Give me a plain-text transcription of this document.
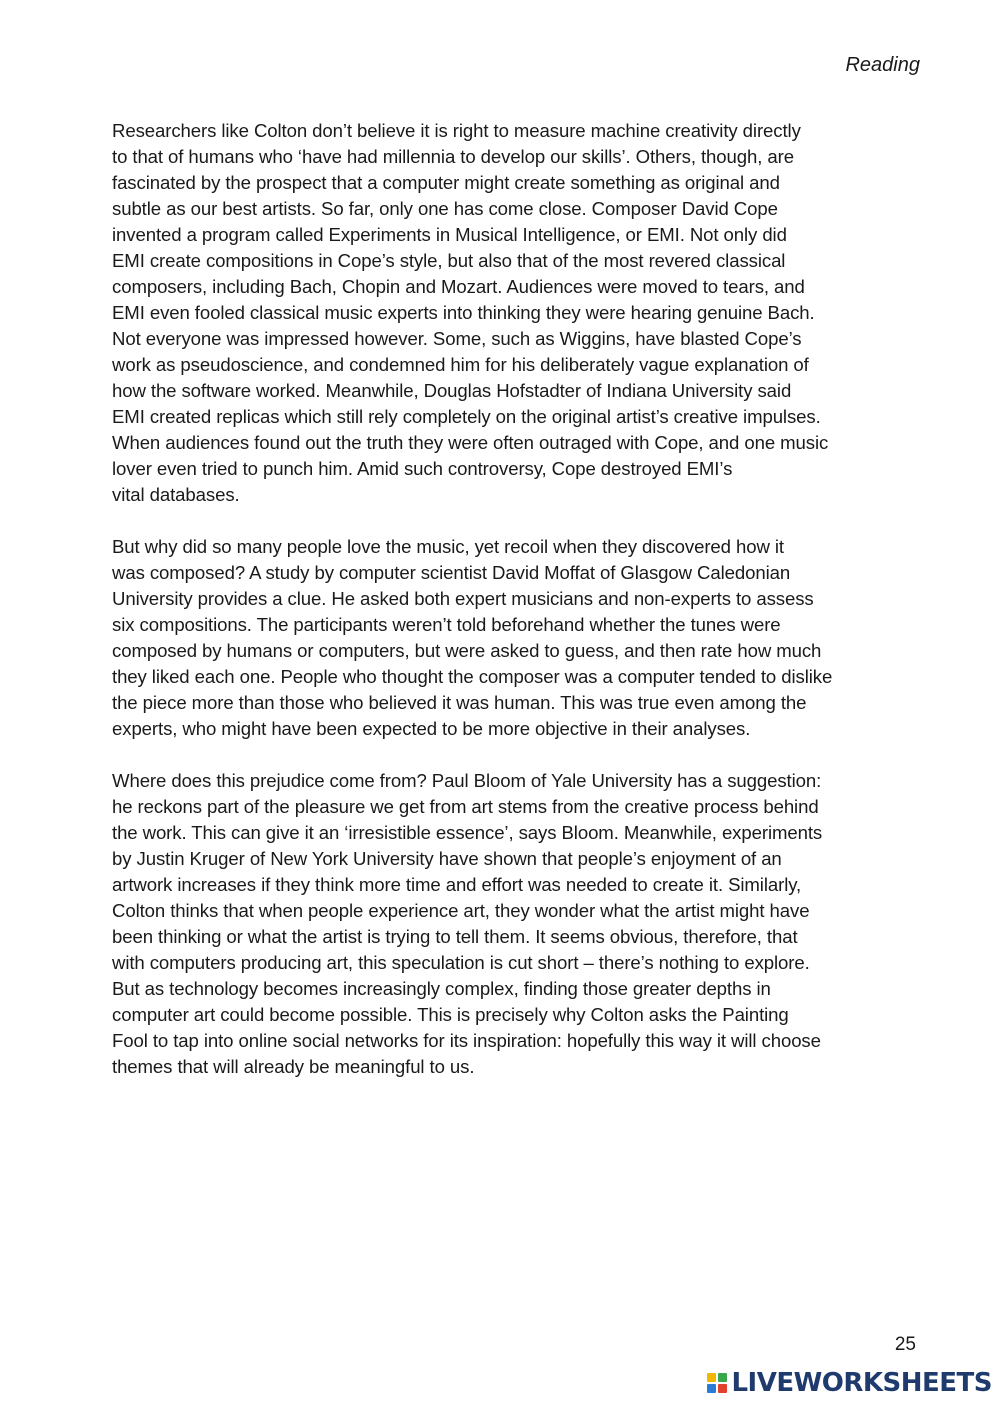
Reading

Researchers like Colton don’t believe it is right to measure machine creativity directly
to that of humans who ‘have had millennia to develop our skills’. Others, though, are
fascinated by the prospect that a computer might create something as original and
subtle as our best artists. So far, only one has come close. Composer David Cope
invented a program called Experiments in Musical Intelligence, or EMI. Not only did
EMI create compositions in Cope’s style, but also that of the most revered classical
composers, including Bach, Chopin and Mozart. Audiences were moved to tears, and
EMI even fooled classical music experts into thinking they were hearing genuine Bach.
Not everyone was impressed however. Some, such as Wiggins, have blasted Cope’s
work as pseudoscience, and condemned him for his deliberately vague explanation of
how the software worked. Meanwhile, Douglas Hofstadter of Indiana University said
EMI created replicas which still rely completely on the original artist’s creative impulses.
When audiences found out the truth they were often outraged with Cope, and one music
lover even tried to punch him. Amid such controversy, Cope destroyed EMI’s
vital databases.

But why did so many people love the music, yet recoil when they discovered how it
was composed? A study by computer scientist David Moffat of Glasgow Caledonian
University provides a clue. He asked both expert musicians and non-experts to assess
six compositions. The participants weren’t told beforehand whether the tunes were
composed by humans or computers, but were asked to guess, and then rate how much
they liked each one. People who thought the composer was a computer tended to dislike
the piece more than those who believed it was human. This was true even among the
experts, who might have been expected to be more objective in their analyses.

Where does this prejudice come from? Paul Bloom of Yale University has a suggestion:
he reckons part of the pleasure we get from art stems from the creative process behind
the work. This can give it an ‘irresistible essence’, says Bloom. Meanwhile, experiments
by Justin Kruger of New York University have shown that people’s enjoyment of an
artwork increases if they think more time and effort was needed to create it. Similarly,
Colton thinks that when people experience art, they wonder what the artist might have
been thinking or what the artist is trying to tell them. It seems obvious, therefore, that
with computers producing art, this speculation is cut short – there’s nothing to explore.
But as technology becomes increasingly complex, finding those greater depths in
computer art could become possible. This is precisely why Colton asks the Painting
Fool to tap into online social networks for its inspiration: hopefully this way it will choose
themes that will already be meaningful to us.

25
LIVEWORKSHEETS
